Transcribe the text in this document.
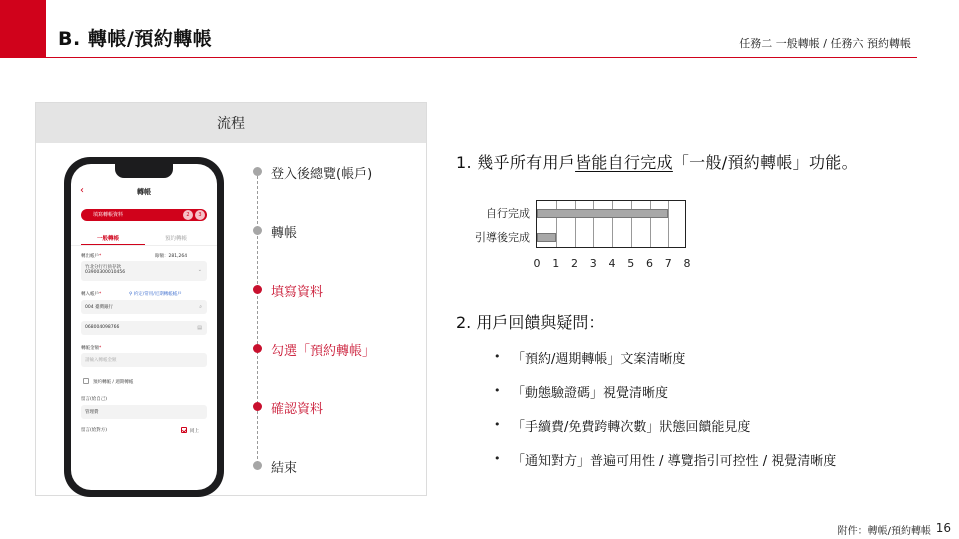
B. 轉帳/預約轉帳	任務二 一般轉帳 / 任務六 預約轉帳
流程
‹	轉帳
填寫轉帳資料	2	3
一般轉帳	預約轉帳
轉出帳戶*	餘額：281,264
竹北分行行員存款
03900300010456	⌄
轉入帳戶*	⚲ 約定/常用/近期轉帳帳戶
004 臺灣銀行	⌕
068004098766	▤
轉帳金額*
請輸入轉帳金額
預約轉帳 / 週期轉帳
留言(給自己)
管理費
留言(給對方)	同上
登入後總覽(帳戶)
轉帳
填寫資料
勾選「預約轉帳」
確認資料
結束
1. 幾乎所有用戶皆能自行完成「一般/預約轉帳」功能。
自行完成
引導後完成
0 1 2 3 4 5 6 7 8
2. 用戶回饋與疑問：
• 「預約/週期轉帳」文案清晰度
• 「動態驗證碼」視覺清晰度
• 「手續費/免費跨轉次數」狀態回饋能見度
• 「通知對方」普遍可用性 / 導覽指引可控性 / 視覺清晰度
附件：轉帳/預約轉帳 16
